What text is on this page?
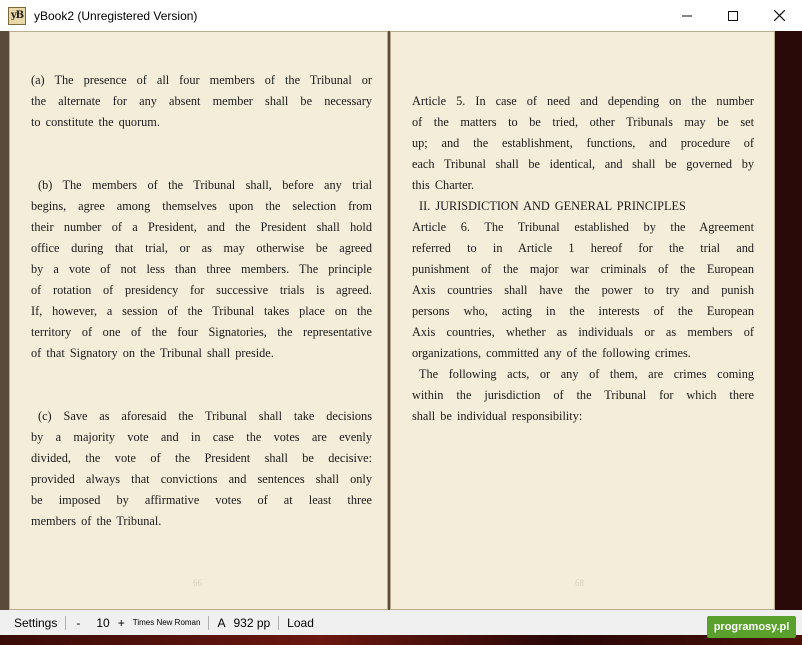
yB yBook2 (Unregistered Version)
(a) The presence of all four members of the Tribunal or
the alternate for any absent member shall be necessary
to constitute the quorum.
(b) The members of the Tribunal shall, before any trial
begins, agree among themselves upon the selection from
their number of a President, and the President shall hold
office during that trial, or as may otherwise be agreed
by a vote of not less than three members. The principle
of rotation of presidency for successive trials is agreed.
If, however, a session of the Tribunal takes place on the
territory of one of the four Signatories, the representative
of that Signatory on the Tribunal shall preside.
(c) Save as aforesaid the Tribunal shall take decisions
by a majority vote and in case the votes are evenly
divided, the vote of the President shall be decisive:
provided always that convictions and sentences shall only
be imposed by affirmative votes of at least three
members of the Tribunal.
66
Article 5. In case of need and depending on the number
of the matters to be tried, other Tribunals may be set
up; and the establishment, functions, and procedure of
each Tribunal shall be identical, and shall be governed by
this Charter.
II. JURISDICTION AND GENERAL PRINCIPLES
Article 6. The Tribunal established by the Agreement
referred to in Article 1 hereof for the trial and
punishment of the major war criminals of the European
Axis countries shall have the power to try and punish
persons who, acting in the interests of the European
Axis countries, whether as individuals or as members of
organizations, committed any of the following crimes.
The following acts, or any of them, are crimes coming
within the jurisdiction of the Tribunal for which there
shall be individual responsibility:
68
Settings	-	10 +	Times New Roman	A 932 pp	Load	programosy.pl
